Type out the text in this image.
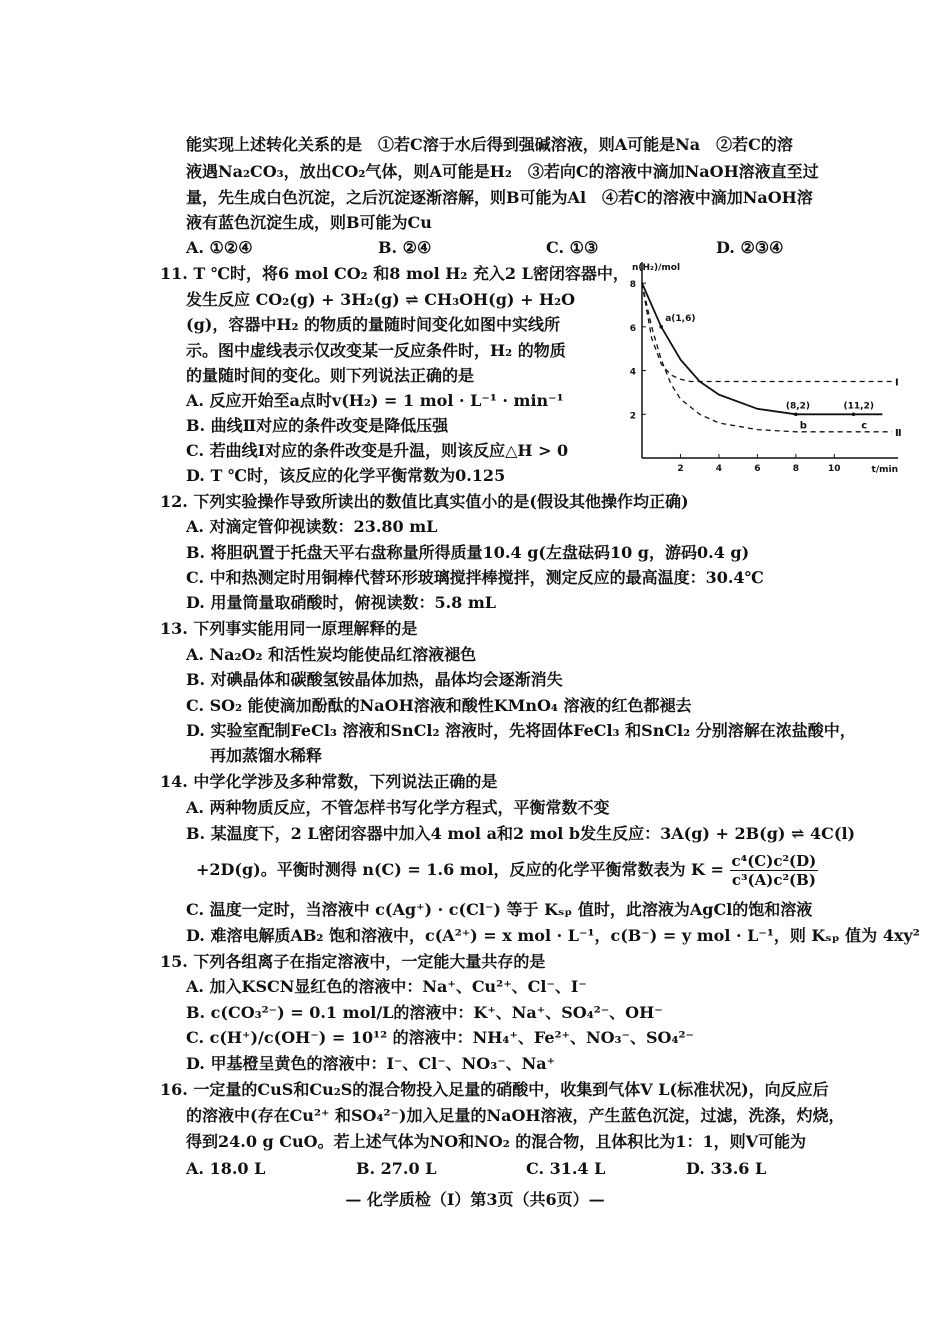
能实现上述转化关系的是　①若C溶于水后得到强碱溶液，则A可能是Na　②若C的溶
液遇Na₂CO₃，放出CO₂气体，则A可能是H₂　③若向C的溶液中滴加NaOH溶液直至过
量，先生成白色沉淀，之后沉淀逐渐溶解，则B可能为Al　④若C的溶液中滴加NaOH溶
液有蓝色沉淀生成，则B可能为Cu
A. ①②④	B. ②④	C. ①③	D. ②③④
11. T ℃时，将6 mol CO₂ 和8 mol H₂ 充入2 L密闭容器中，
发生反应 CO₂(g) + 3H₂(g) ⇌ CH₃OH(g) + H₂O
(g)，容器中H₂ 的物质的量随时间变化如图中实线所
示。图中虚线表示仅改变某一反应条件时，H₂ 的物质
的量随时间的变化。则下列说法正确的是
A. 反应开始至a点时v(H₂) = 1 mol · L⁻¹ · min⁻¹
B. 曲线Ⅱ对应的条件改变是降低压强
C. 若曲线Ⅰ对应的条件改变是升温，则该反应△H > 0
D. T ℃时，该反应的化学平衡常数为0.125
n(H₂)/mol
t/min
2	4	6	8	10
2
4
6
8
a(1,6)
(8,2)	(11,2)
Ⅰ
Ⅱ
b	c
12. 下列实验操作导致所读出的数值比真实值小的是(假设其他操作均正确)
A. 对滴定管仰视读数：23.80 mL
B. 将胆矾置于托盘天平右盘称量所得质量10.4 g(左盘砝码10 g，游码0.4 g)
C. 中和热测定时用铜棒代替环形玻璃搅拌棒搅拌，测定反应的最高温度：30.4℃
D. 用量筒量取硝酸时，俯视读数：5.8 mL
13. 下列事实能用同一原理解释的是
A. Na₂O₂ 和活性炭均能使品红溶液褪色
B. 对碘晶体和碳酸氢铵晶体加热，晶体均会逐渐消失
C. SO₂ 能使滴加酚酞的NaOH溶液和酸性KMnO₄ 溶液的红色都褪去
D. 实验室配制FeCl₃ 溶液和SnCl₂ 溶液时，先将固体FeCl₃ 和SnCl₂ 分别溶解在浓盐酸中，
再加蒸馏水稀释
14. 中学化学涉及多种常数，下列说法正确的是
A. 两种物质反应，不管怎样书写化学方程式，平衡常数不变
B. 某温度下，2 L密闭容器中加入4 mol a和2 mol b发生反应：3A(g) + 2B(g) ⇌ 4C(l)
+2D(g)。平衡时测得 n(C) = 1.6 mol，反应的化学平衡常数表为 $K = \frac{\text{c⁴(C)c²(D)}}{\text{c³(A)c²(B)}}$
C. 温度一定时，当溶液中 c(Ag⁺) · c(Cl⁻) 等于 Kₛₚ 值时，此溶液为AgCl的饱和溶液
D. 难溶电解质AB₂ 饱和溶液中，c(A²⁺) = x mol · L⁻¹，c(B⁻) = y mol · L⁻¹，则 Kₛₚ 值为 4xy²
15. 下列各组离子在指定溶液中，一定能大量共存的是
A. 加入KSCN显红色的溶液中：Na⁺、Cu²⁺、Cl⁻、I⁻
B. c(CO₃²⁻) = 0.1 mol/L的溶液中：K⁺、Na⁺、SO₄²⁻、OH⁻
C. c(H⁺)/c(OH⁻) = 10¹² 的溶液中：NH₄⁺、Fe²⁺、NO₃⁻、SO₄²⁻
D. 甲基橙呈黄色的溶液中：I⁻、Cl⁻、NO₃⁻、Na⁺
16. 一定量的CuS和Cu₂S的混合物投入足量的硝酸中，收集到气体V L(标准状况)，向反应后
的溶液中(存在Cu²⁺ 和SO₄²⁻)加入足量的NaOH溶液，产生蓝色沉淀，过滤，洗涤，灼烧，
得到24.0 g CuO。若上述气体为NO和NO₂ 的混合物，且体积比为1：1，则V可能为
A. 18.0 L	B. 27.0 L	C. 31.4 L	D. 33.6 L
— 化学质检（Ⅰ）第3页（共6页）—
